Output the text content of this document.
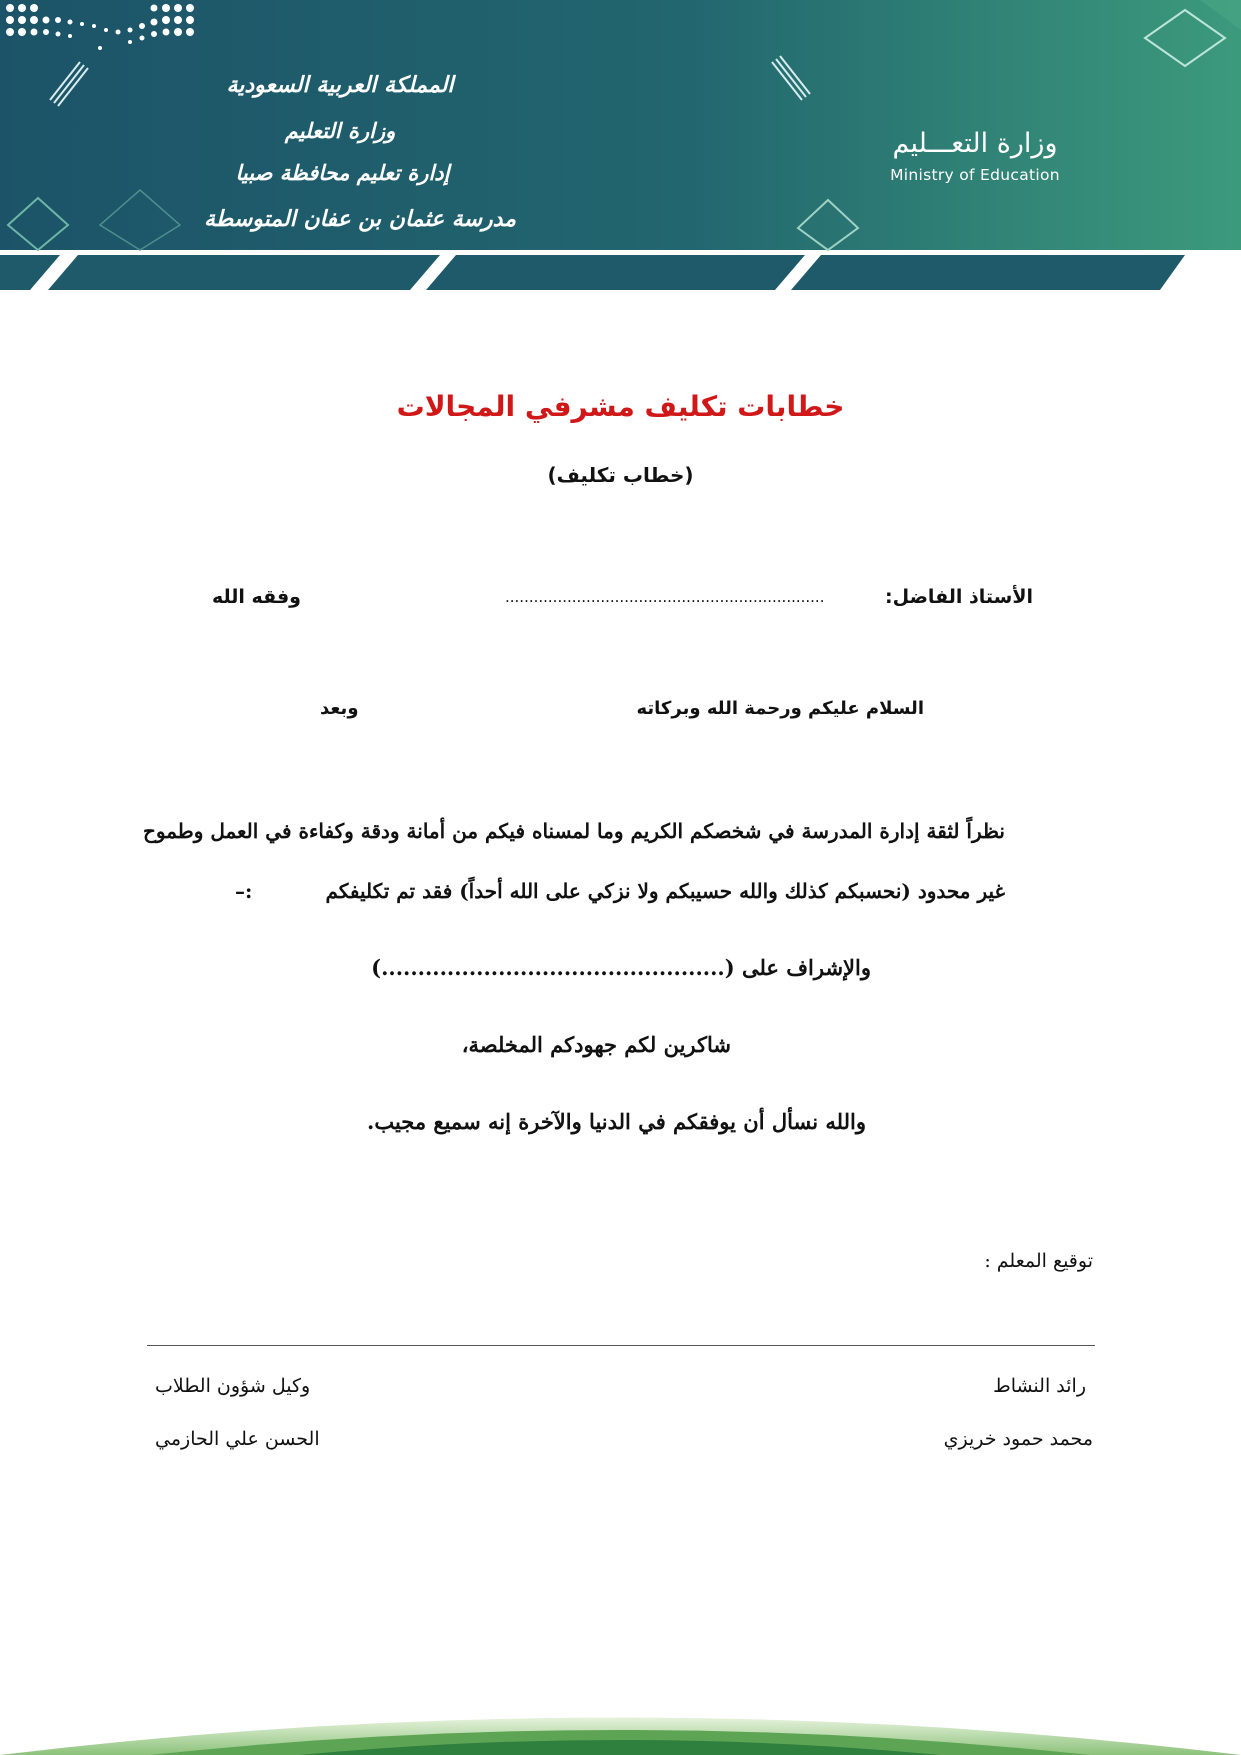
المملكة العربية السعودية
وزارة التعليم
إدارة تعليم محافظة صبيا
مدرسة عثمان بن عفان المتوسطة
وزارة التعـــليم
Ministry of Education
خطابات تكليف مشرفي المجالات
(خطاب تكليف)
الأستاذ الفاضل:
...................................................................
وفقه الله
السلام عليكم ورحمة الله وبركاته
وبعد
نظراً لثقة إدارة المدرسة في شخصكم الكريم وما لمسناه فيكم من أمانة ودقة وكفاءة في العمل وطموح
غير محدود (نحسبكم كذلك والله حسيبكم ولا نزكي على الله أحداً) فقد تم تكليفكم
–:
والإشراف على (...............................................)
شاكرين لكم جهودكم المخلصة،
والله نسأل أن يوفقكم في الدنيا والآخرة إنه سميع مجيب.
توقيع المعلم :
رائد النشاط
محمد حمود خريزي
وكيل شؤون الطلاب
الحسن علي الحازمي
